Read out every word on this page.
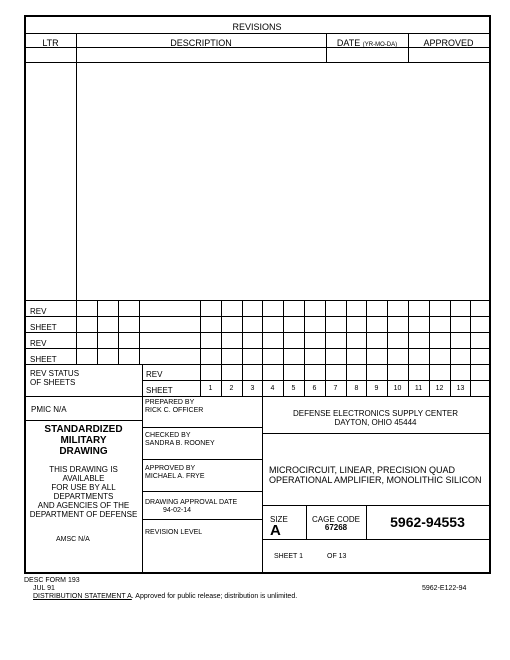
REVISIONS
LTR	DESCRIPTION	DATE (YR-MO-DA)	APPROVED
REV
SHEET
REV
SHEET
REV STATUS
OF SHEETS
REV
SHEET	1	2	3	4	5	6	7	8	9	10	11	12	13
PMIC N/A
STANDARDIZED
MILITARY
DRAWING
THIS DRAWING IS
AVAILABLE
FOR USE BY ALL
DEPARTMENTS
AND AGENCIES OF THE
DEPARTMENT OF DEFENSE
AMSC N/A
PREPARED BY
RICK C. OFFICER
CHECKED BY
SANDRA B. ROONEY
APPROVED BY
MICHAEL A. FRYE
DRAWING APPROVAL DATE
94-02-14
REVISION LEVEL
DEFENSE ELECTRONICS SUPPLY CENTER
DAYTON, OHIO 45444
MICROCIRCUIT, LINEAR, PRECISION QUAD
OPERATIONAL AMPLIFIER, MONOLITHIC SILICON
SIZE
A
CAGE CODE
67268	5962-94553
SHEET 1	OF 13
DESC FORM 193
JUL 91	5962-E122-94
DISTRIBUTION STATEMENT A. Approved for public release; distribution is unlimited.
